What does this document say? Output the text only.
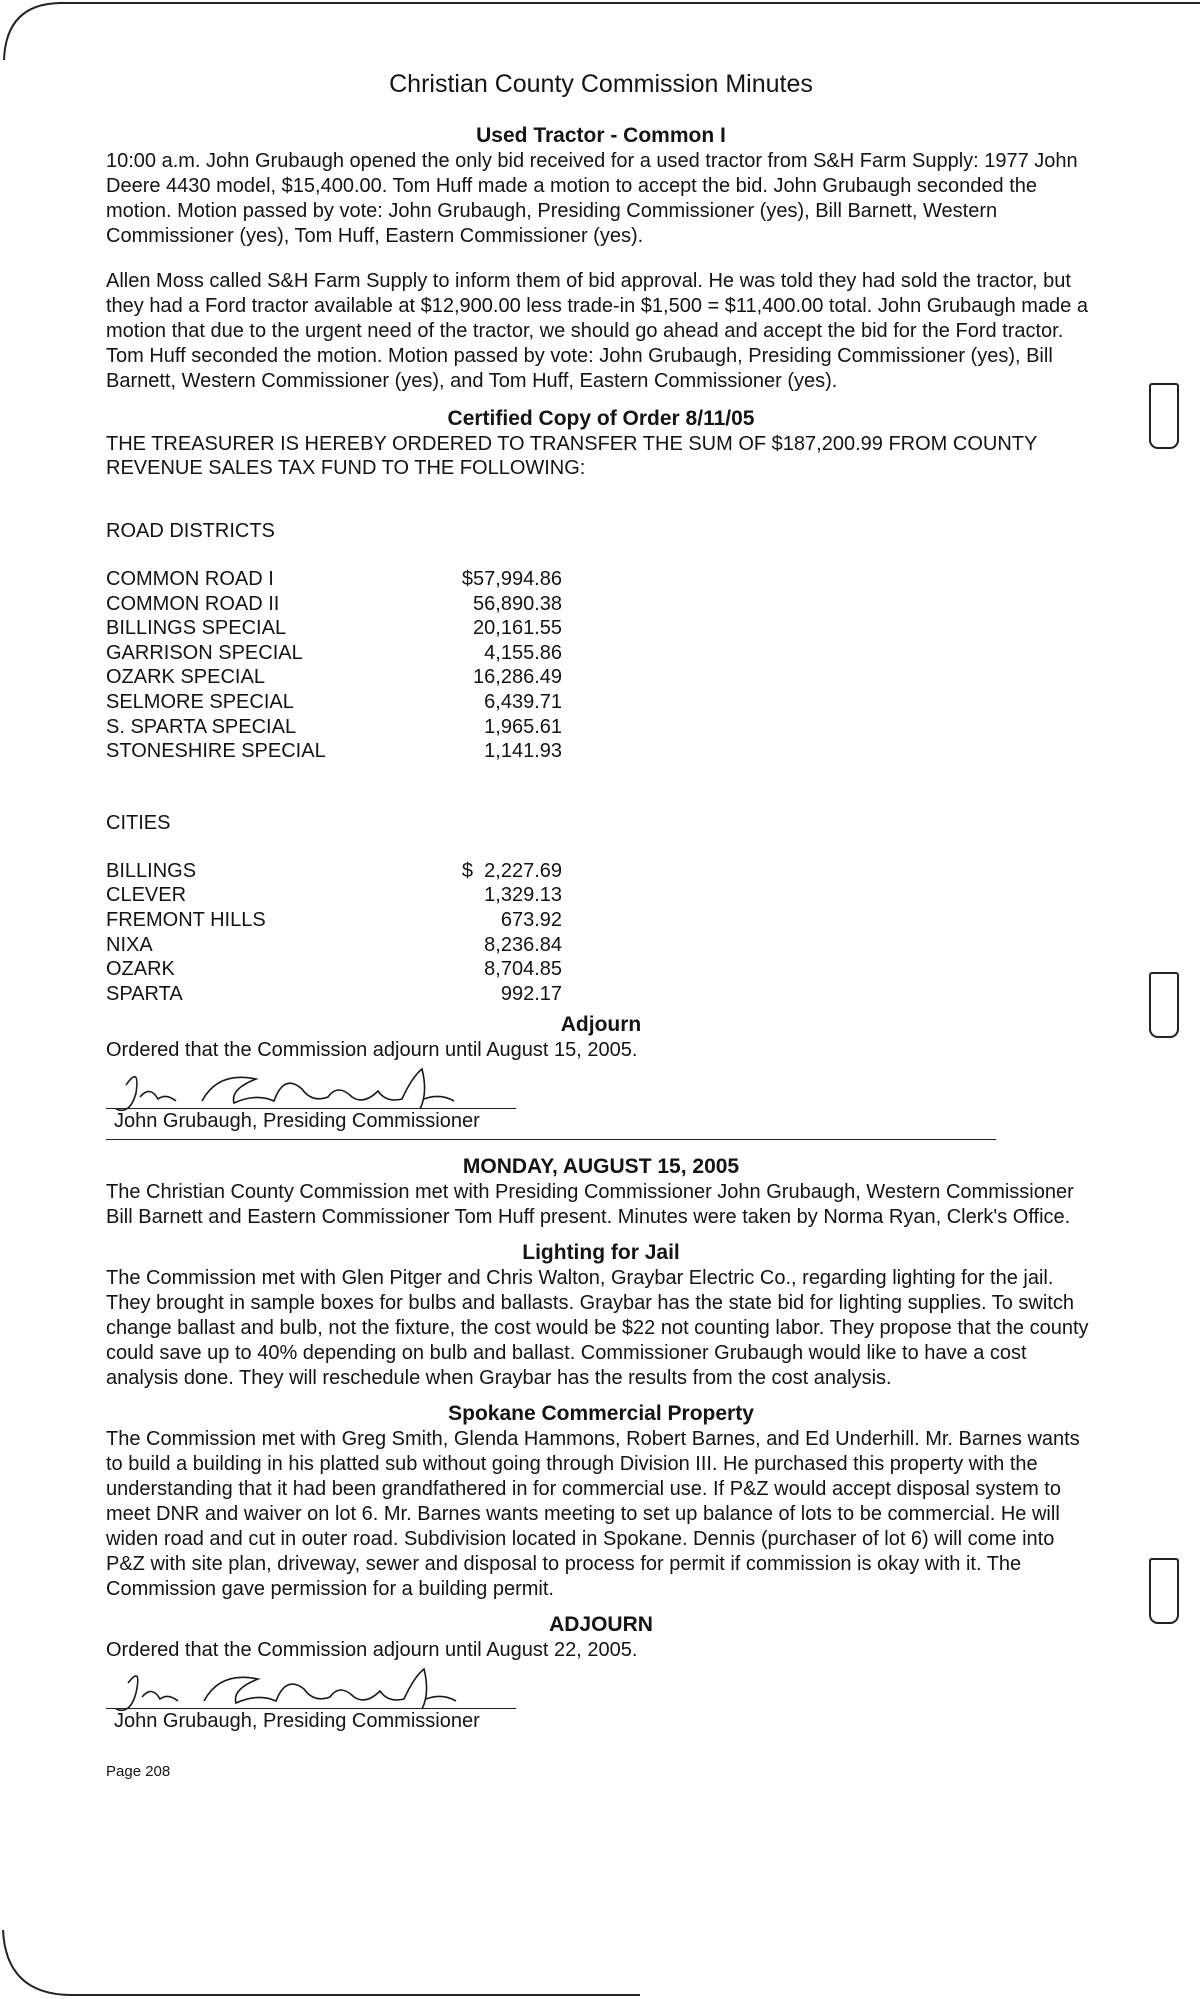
Christian County Commission Minutes
Used Tractor - Common I

10:00 a.m. John Grubaugh opened the only bid received for a used tractor from S&H Farm Supply: 1977 John Deere 4430 model, $15,400.00. Tom Huff made a motion to accept the bid. John Grubaugh seconded the motion. Motion passed by vote: John Grubaugh, Presiding Commissioner (yes), Bill Barnett, Western Commissioner (yes), Tom Huff, Eastern Commissioner (yes).

Allen Moss called S&H Farm Supply to inform them of bid approval. He was told they had sold the tractor, but they had a Ford tractor available at $12,900.00 less trade-in $1,500 = $11,400.00 total. John Grubaugh made a motion that due to the urgent need of the tractor, we should go ahead and accept the bid for the Ford tractor. Tom Huff seconded the motion. Motion passed by vote: John Grubaugh, Presiding Commissioner (yes), Bill Barnett, Western Commissioner (yes), and Tom Huff, Eastern Commissioner (yes).

Certified Copy of Order 8/11/05

THE TREASURER IS HEREBY ORDERED TO TRANSFER THE SUM OF $187,200.99 FROM COUNTY REVENUE SALES TAX FUND TO THE FOLLOWING:

ROAD DISTRICTS
COMMON ROAD I	$57,994.86
COMMON ROAD II	56,890.38
BILLINGS SPECIAL	20,161.55
GARRISON SPECIAL	4,155.86
OZARK SPECIAL	16,286.49
SELMORE SPECIAL	6,439.71
S. SPARTA SPECIAL	1,965.61
STONESHIRE SPECIAL	1,141.93
CITIES
BILLINGS	$  2,227.69
CLEVER	1,329.13
FREMONT HILLS	673.92
NIXA	8,236.84
OZARK	8,704.85
SPARTA	992.17
Adjourn

Ordered that the Commission adjourn until August 15, 2005.

John Grubaugh, Presiding Commissioner
MONDAY, AUGUST 15, 2005

The Christian County Commission met with Presiding Commissioner John Grubaugh, Western Commissioner Bill Barnett and Eastern Commissioner Tom Huff present. Minutes were taken by Norma Ryan, Clerk's Office.

Lighting for Jail

The Commission met with Glen Pitger and Chris Walton, Graybar Electric Co., regarding lighting for the jail. They brought in sample boxes for bulbs and ballasts. Graybar has the state bid for lighting supplies. To switch change ballast and bulb, not the fixture, the cost would be $22 not counting labor. They propose that the county could save up to 40% depending on bulb and ballast. Commissioner Grubaugh would like to have a cost analysis done. They will reschedule when Graybar has the results from the cost analysis.

Spokane Commercial Property

The Commission met with Greg Smith, Glenda Hammons, Robert Barnes, and Ed Underhill. Mr. Barnes wants to build a building in his platted sub without going through Division III. He purchased this property with the understanding that it had been grandfathered in for commercial use. If P&Z would accept disposal system to meet DNR and waiver on lot 6. Mr. Barnes wants meeting to set up balance of lots to be commercial. He will widen road and cut in outer road. Subdivision located in Spokane. Dennis (purchaser of lot 6) will come into P&Z with site plan, driveway, sewer and disposal to process for permit if commission is okay with it. The Commission gave permission for a building permit.

ADJOURN

Ordered that the Commission adjourn until August 22, 2005.

John Grubaugh, Presiding Commissioner
Page 208
